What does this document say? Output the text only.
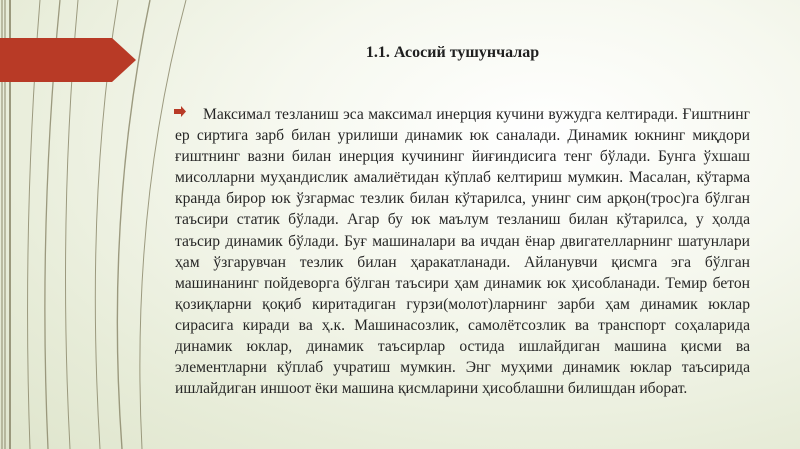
1.1. Асосий тушунчалар

Максимал тезланиш эса максимал инерция кучини вужудга келтиради. Ғиштнинг ер сиртига зарб билан урилиши динамик юк саналади. Динамик юкнинг миқдори ғиштнинг вазни билан инерция кучининг йиғиндисига тенг бўлади. Бунга ўхшаш мисолларни муҳандислик амалиётидан кўплаб келтириш мумкин. Масалан, кўтарма кранда бирор юк ўзгармас тезлик билан кўтарилса, унинг сим арқон(трос)га бўлган таъсири статик бўлади. Агар бу юк маълум тезланиш билан кўтарилса, у ҳолда таъсир динамик бўлади. Буғ машиналари ва ичдан ёнар двигателларнинг шатунлари ҳам ўзгарувчан тезлик билан ҳаракатланади. Айланувчи қисмга эга бўлган машинанинг пойдеворга бўлган таъсири ҳам динамик юк ҳисобланади. Темир бетон қозиқларни қоқиб киритадиган гурзи(молот)ларнинг зарби ҳам динамик юклар сирасига киради ва ҳ.к. Машинасозлик, самолётсозлик ва транспорт соҳаларида динамик юклар, динамик таъсирлар остида ишлайдиган машина қисми ва элементларни кўплаб учратиш мумкин. Энг муҳими динамик юклар таъсирида ишлайдиган иншоот ёки машина қисмларини ҳисоблашни билишдан иборат.
